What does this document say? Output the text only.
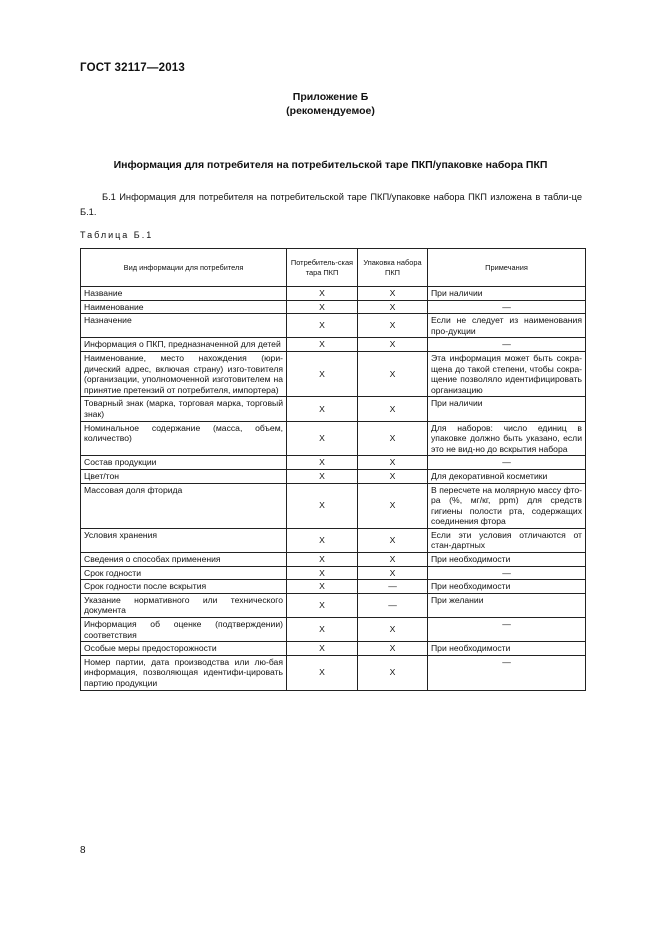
ГОСТ 32117—2013
Приложение Б
(рекомендуемое)
Информация для потребителя на потребительской таре ПКП/упаковке набора ПКП
Б.1 Информация для потребителя на потребительской таре ПКП/упаковке набора ПКП изложена в табли-це Б.1.
Таблица Б.1
Вид информации для потребителя	Потребитель-ская тара ПКП	Упаковка набора ПКП	Примечания
Название	X	X	При наличии
Наименование	X	X	—
Назначение	X	X	Если не следует из наименования про-дукции
Информация о ПКП, предназначенной для детей	X	X	—
Наименование, место нахождения (юри-дический адрес, включая страну) изго-товителя (организации, уполномоченной изготовителем на принятие претензий от потребителя, импортера)	X	X	Эта информация может быть сокра-щена до такой степени, чтобы сокра-щение позволяло идентифицировать организацию
Товарный знак (марка, торговая марка, торговый знак)	X	X	При наличии
Номинальное содержание (масса, объем, количество)	X	X	Для наборов: число единиц в упаковке должно быть указано, если это не вид-но до вскрытия набора
Состав продукции	X	X	—
Цвет/тон	X	X	Для декоративной косметики
Массовая доля фторида	X	X	В пересчете на молярную массу фто-ра (%, мг/кг, ppm) для средств гигиены полости рта, содержащих соединения фтора
Условия хранения	X	X	Если эти условия отличаются от стан-дартных
Сведения о способах применения	X	X	При необходимости
Срок годности	X	X	—
Срок годности после вскрытия	X	—	При необходимости
Указание нормативного или технического документа	X	—	При желании
Информация об оценке (подтверждении) соответствия	X	X	—
Особые меры предосторожности	X	X	При необходимости
Номер партии, дата производства или лю-бая информация, позволяющая идентифи-цировать партию продукции	X	X	—
8
